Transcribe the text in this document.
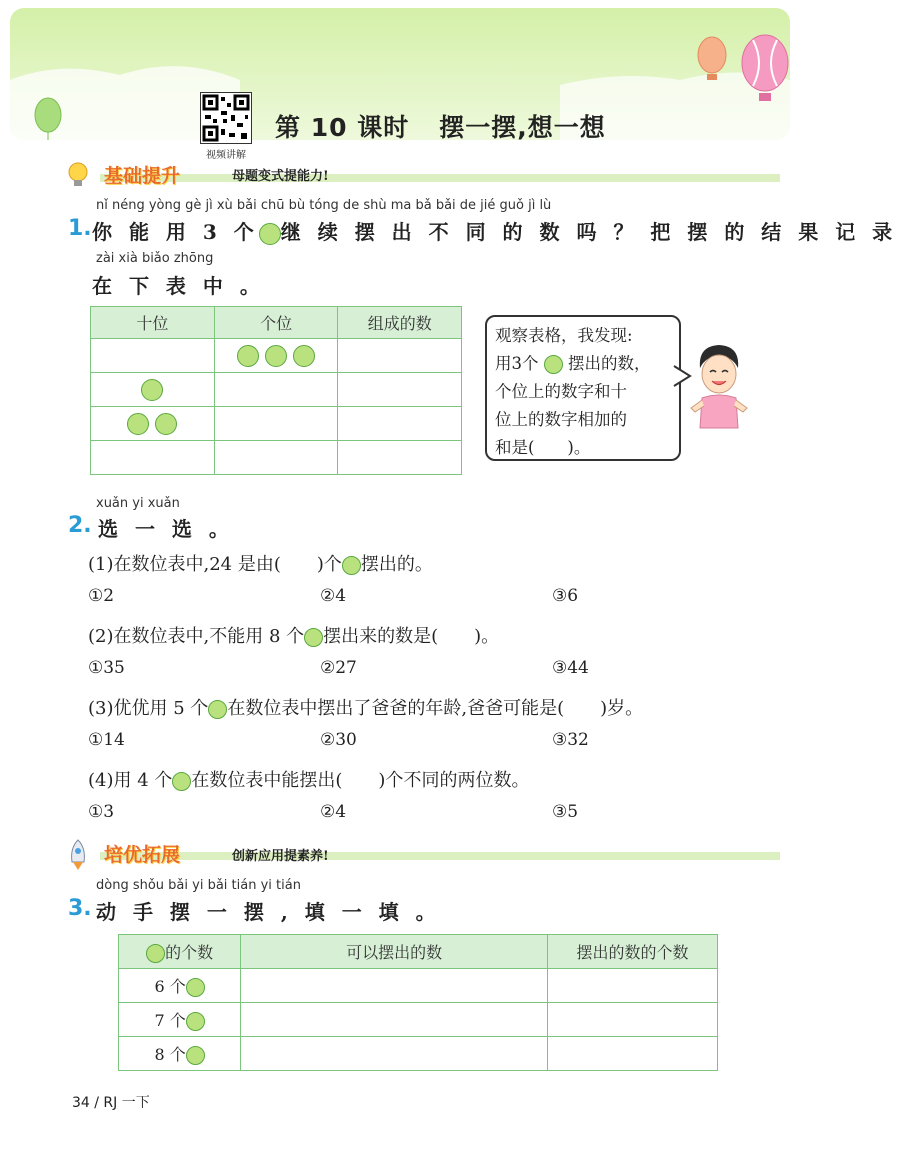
视频讲解
第 10 课时 摆一摆,想一想
基础提升	母题变式提能力!
nǐ néng yòng gè jì xù bǎi chū bù tóng de shù ma bǎ bǎi de jié guǒ jì lù
1. 你 能 用 3 个 继 续 摆 出 不 同 的 数 吗 ？ 把 摆 的 结 果 记 录
zài xià biǎo zhōng
在 下 表 中 。
十位	个位	组成的数

观察表格，我发现:
用3个 摆出的数，
个位上的数字和十
位上的数字相加的
和是(　　)。
xuǎn yi xuǎn
2. 选 一 选 。
(1)在数位表中,24 是由(　　)个 摆出的。
①2	②4	③6
(2)在数位表中,不能用 8 个 摆出来的数是(　　)。
①35	②27	③44
(3)优优用 5 个 在数位表中摆出了爸爸的年龄,爸爸可能是(　　)岁。
①14	②30	③32
(4)用 4 个 在数位表中能摆出(　　)个不同的两位数。
①3	②4	③5
培优拓展	创新应用提素养!
dòng shǒu bǎi yi bǎi tián yi tián
3. 动 手 摆 一 摆 , 填 一 填 。
的个数	可以摆出的数	摆出的数的个数
6 个		
7 个		
8 个		
34 / RJ 一下
